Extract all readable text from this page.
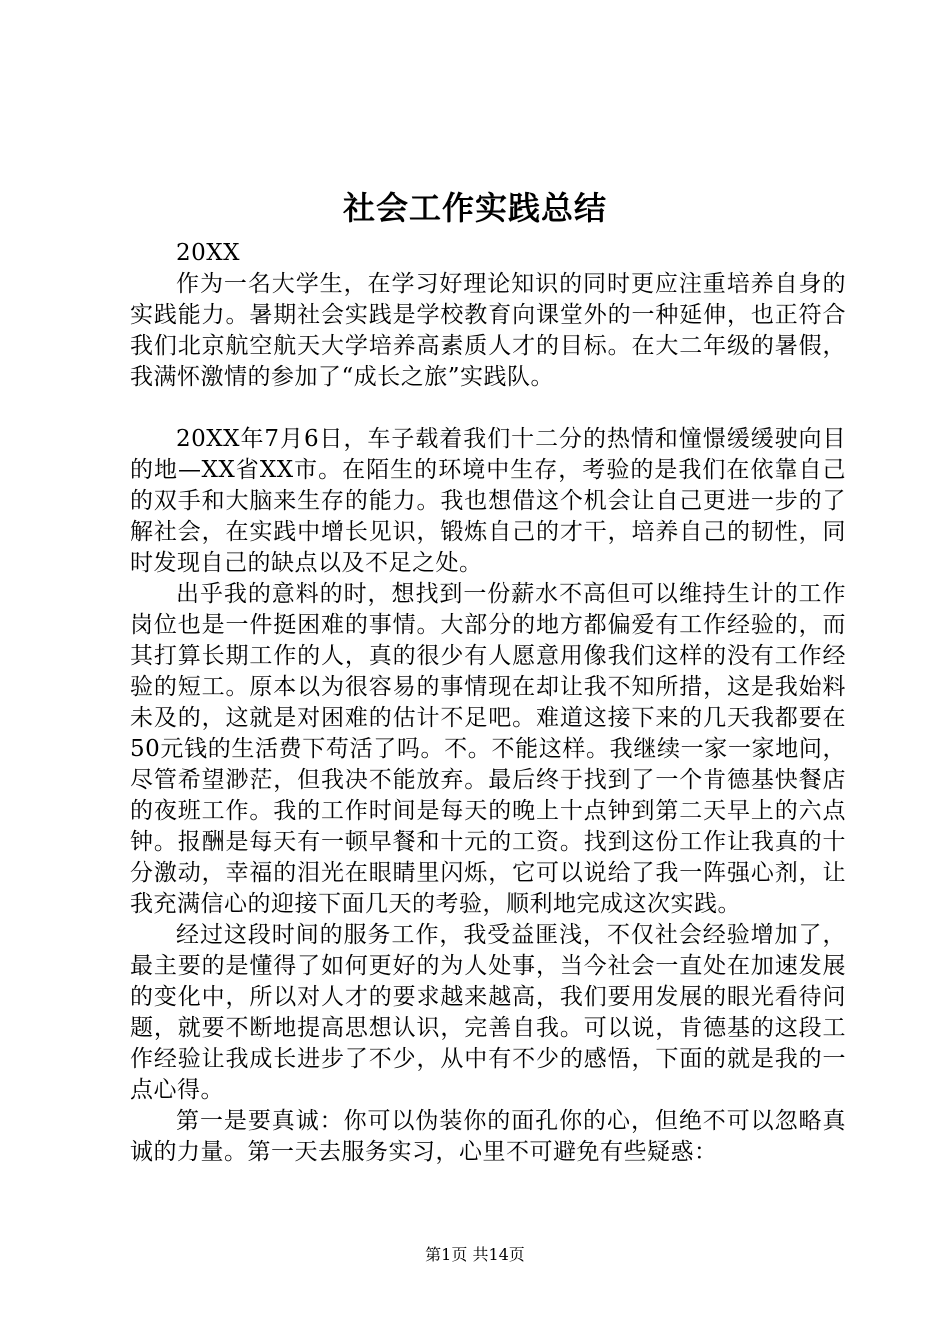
社会工作实践总结

20XX

作为一名大学生，在学习好理论知识的同时更应注重培养自身的实践能力。暑期社会实践是学校教育向课堂外的一种延伸，也正符合我们北京航空航天大学培养高素质人才的目标。在大二年级的暑假，我满怀激情的参加了“成长之旅”实践队。

20XX年7月6日，车子载着我们十二分的热情和憧憬缓缓驶向目的地—XX省XX市。在陌生的环境中生存，考验的是我们在依靠自己的双手和大脑来生存的能力。我也想借这个机会让自己更进一步的了解社会，在实践中增长见识，锻炼自己的才干，培养自己的韧性，同时发现自己的缺点以及不足之处。

出乎我的意料的时，想找到一份薪水不高但可以维持生计的工作岗位也是一件挺困难的事情。大部分的地方都偏爱有工作经验的，而其打算长期工作的人，真的很少有人愿意用像我们这样的没有工作经验的短工。原本以为很容易的事情现在却让我不知所措，这是我始料未及的，这就是对困难的估计不足吧。难道这接下来的几天我都要在50元钱的生活费下苟活了吗。不。不能这样。我继续一家一家地问，尽管希望渺茫，但我决不能放弃。最后终于找到了一个肯德基快餐店的夜班工作。我的工作时间是每天的晚上十点钟到第二天早上的六点钟。报酬是每天有一顿早餐和十元的工资。找到这份工作让我真的十分激动，幸福的泪光在眼睛里闪烁，它可以说给了我一阵强心剂，让我充满信心的迎接下面几天的考验，顺利地完成这次实践。

经过这段时间的服务工作，我受益匪浅，不仅社会经验增加了，最主要的是懂得了如何更好的为人处事，当今社会一直处在加速发展的变化中，所以对人才的要求越来越高，我们要用发展的眼光看待问题，就要不断地提高思想认识，完善自我。可以说，肯德基的这段工作经验让我成长进步了不少，从中有不少的感悟，下面的就是我的一点心得。

第一是要真诚：你可以伪装你的面孔你的心，但绝不可以忽略真诚的力量。第一天去服务实习，心里不可避免有些疑惑：

第1页 共14页
